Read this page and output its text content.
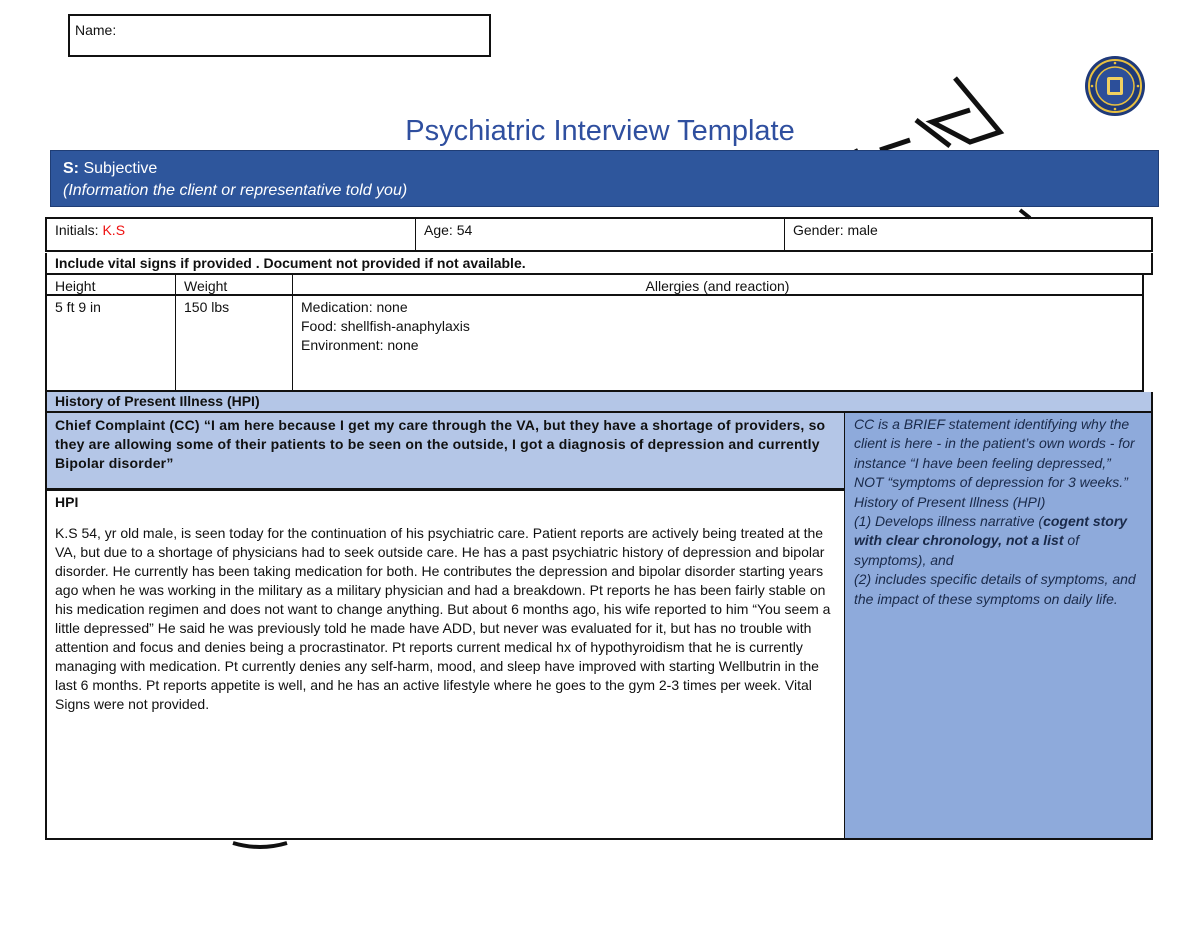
Name:
Psychiatric Interview Template
S: Subjective
(Information the client or representative told you)
Initials: K.S	Age: 54	Gender: male
Include vital signs if provided . Document not provided if not available.
Height	Weight	Allergies (and reaction)
5 ft 9 in	150 lbs	Medication: none
Food: shellfish-anaphylaxis
Environment: none
History of Present Illness (HPI)
Chief Complaint (CC) “I am here because I get my care through the VA, but they have a shortage of providers, so they are allowing some of their patients to be seen on the outside, I got a diagnosis of depression and currently Bipolar disorder”
HPI

K.S 54, yr old male, is seen today for the continuation of his psychiatric care. Patient reports are actively being treated at the VA, but due to a shortage of physicians had to seek outside care. He has a past psychiatric history of depression and bipolar disorder. He currently has been taking medication for both. He contributes the depression and bipolar disorder starting years ago when he was working in the military as a military physician and had a breakdown. Pt reports he has been fairly stable on his medication regimen and does not want to change anything. But about 6 months ago, his wife reported to him “You seem a little depressed” He said he was previously told he made have ADD, but never was evaluated for it, but has no trouble with attention and focus and denies being a procrastinator. Pt reports current medical hx of hypothyroidism that he is currently managing with medication. Pt currently denies any self-harm, mood, and sleep have improved with starting Wellbutrin in the last 6 months. Pt reports appetite is well, and he has an active lifestyle where he goes to the gym 2-3 times per week. Vital Signs were not provided.

CC is a BRIEF statement identifying why the client is here - in the patient’s own words - for instance “I have been feeling depressed,” NOT “symptoms of depression for 3 weeks.” History of Present Illness (HPI)
(1) Develops illness narrative (cogent story with clear chronology, not a list of symptoms), and
(2) includes specific details of symptoms, and the impact of these symptoms on daily life.
